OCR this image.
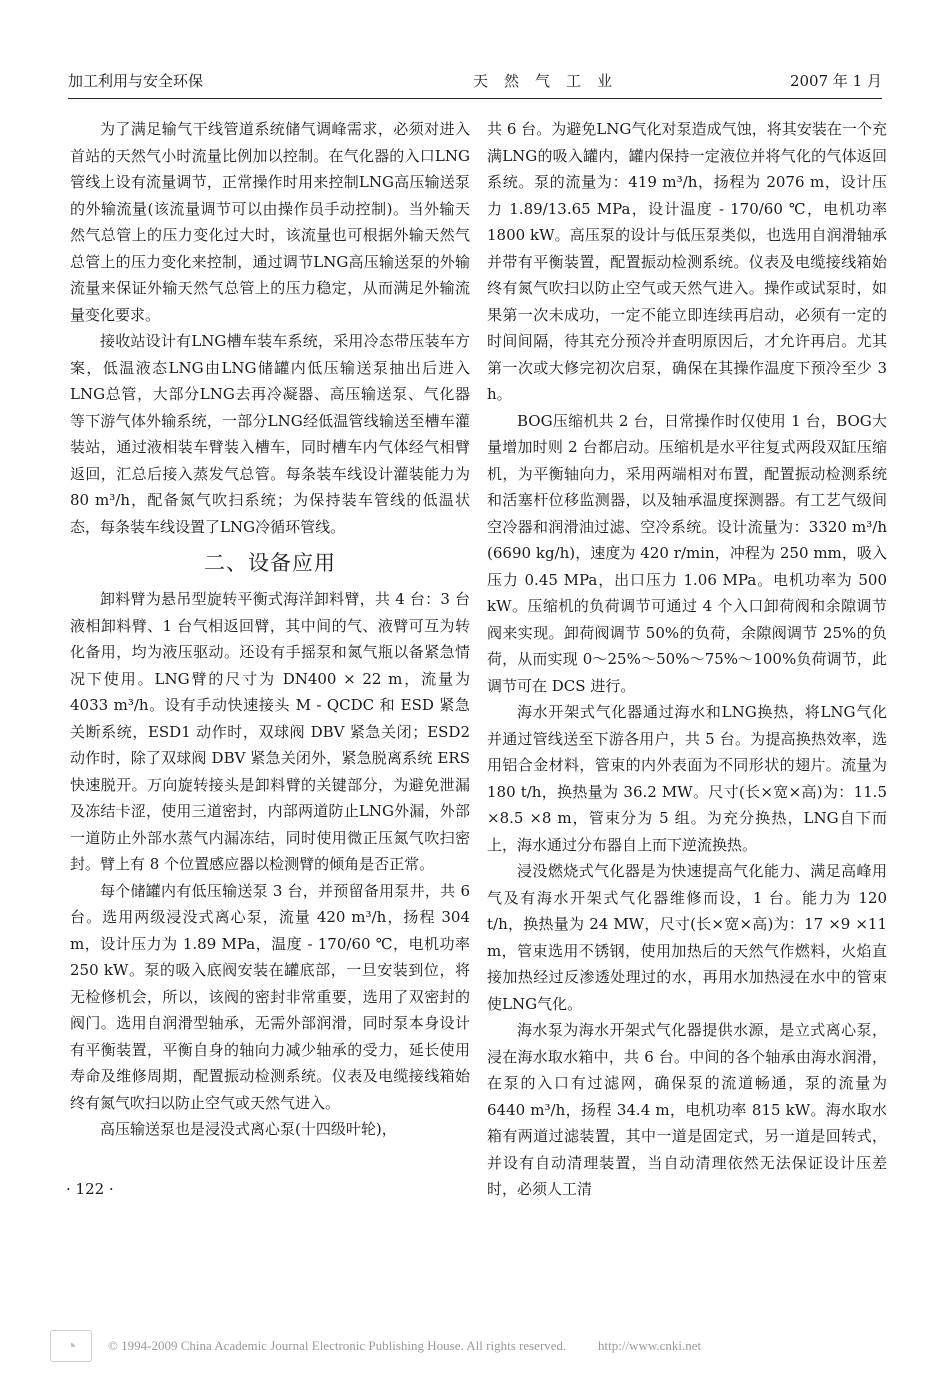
加工利用与安全环保	天然气工业	2007 年 1 月

为了满足输气干线管道系统储气调峰需求，必须对进入首站的天然气小时流量比例加以控制。在气化器的入口LNG管线上设有流量调节，正常操作时用来控制LNG高压输送泵的外输流量(该流量调节可以由操作员手动控制)。当外输天然气总管上的压力变化过大时，该流量也可根据外输天然气总管上的压力变化来控制，通过调节LNG高压输送泵的外输流量来保证外输天然气总管上的压力稳定，从而满足外输流量变化要求。

接收站设计有LNG槽车装车系统，采用冷态带压装车方案，低温液态LNG由LNG储罐内低压输送泵抽出后进入LNG总管，大部分LNG去再冷凝器、高压输送泵、气化器等下游气体外输系统，一部分LNG经低温管线输送至槽车灌装站，通过液相装车臂装入槽车，同时槽车内气体经气相臂返回，汇总后接入蒸发气总管。每条装车线设计灌装能力为 80 m³/h，配备氮气吹扫系统；为保持装车管线的低温状态，每条装车线设置了LNG冷循环管线。

二、设备应用

卸料臂为悬吊型旋转平衡式海洋卸料臂，共 4 台：3 台液相卸料臂、1 台气相返回臂，其中间的气、液臂可互为转化备用，均为液压驱动。还设有手摇泵和氮气瓶以备紧急情况下使用。LNG臂的尺寸为 DN400 × 22 m，流量为 4033 m³/h。设有手动快速接头 M - QCDC 和 ESD 紧急关断系统，ESD1 动作时，双球阀 DBV 紧急关闭；ESD2 动作时，除了双球阀 DBV 紧急关闭外，紧急脱离系统 ERS 快速脱开。万向旋转接头是卸料臂的关键部分，为避免泄漏及冻结卡涩，使用三道密封，内部两道防止LNG外漏，外部一道防止外部水蒸气内漏冻结，同时使用微正压氮气吹扫密封。臂上有 8 个位置感应器以检测臂的倾角是否正常。

每个储罐内有低压输送泵 3 台，并预留备用泵井，共 6 台。选用两级浸没式离心泵，流量 420 m³/h，扬程 304 m，设计压力为 1.89 MPa，温度 - 170/60 ℃，电机功率 250 kW。泵的吸入底阀安装在罐底部，一旦安装到位，将无检修机会，所以，该阀的密封非常重要，选用了双密封的阀门。选用自润滑型轴承，无需外部润滑，同时泵本身设计有平衡装置，平衡自身的轴向力减少轴承的受力，延长使用寿命及维修周期，配置振动检测系统。仪表及电缆接线箱始终有氮气吹扫以防止空气或天然气进入。

高压输送泵也是浸没式离心泵(十四级叶轮)，

共 6 台。为避免LNG气化对泵造成气蚀，将其安装在一个充满LNG的吸入罐内，罐内保持一定液位并将气化的气体返回系统。泵的流量为：419 m³/h，扬程为 2076 m，设计压力 1.89/13.65 MPa，设计温度 - 170/60 ℃，电机功率 1800 kW。高压泵的设计与低压泵类似，也选用自润滑轴承并带有平衡装置，配置振动检测系统。仪表及电缆接线箱始终有氮气吹扫以防止空气或天然气进入。操作或试泵时，如果第一次未成功，一定不能立即连续再启动，必须有一定的时间间隔，待其充分预冷并查明原因后，才允许再启。尤其第一次或大修完初次启泵，确保在其操作温度下预冷至少 3 h。

BOG压缩机共 2 台，日常操作时仅使用 1 台，BOG大量增加时则 2 台都启动。压缩机是水平往复式两段双缸压缩机，为平衡轴向力，采用两端相对布置，配置振动检测系统和活塞杆位移监测器，以及轴承温度探测器。有工艺气级间空冷器和润滑油过滤、空冷系统。设计流量为：3320 m³/h (6690 kg/h)，速度为 420 r/min，冲程为 250 mm，吸入压力 0.45 MPa，出口压力 1.06 MPa。电机功率为 500 kW。压缩机的负荷调节可通过 4 个入口卸荷阀和余隙调节阀来实现。卸荷阀调节 50%的负荷，余隙阀调节 25%的负荷，从而实现 0～25%～50%～75%～100%负荷调节，此调节可在 DCS 进行。

海水开架式气化器通过海水和LNG换热，将LNG气化并通过管线送至下游各用户，共 5 台。为提高换热效率，选用铝合金材料，管束的内外表面为不同形状的翅片。流量为 180 t/h，换热量为 36.2 MW。尺寸(长×宽×高)为：11.5 ×8.5 ×8 m，管束分为 5 组。为充分换热，LNG自下而上，海水通过分布器自上而下逆流换热。

浸没燃烧式气化器是为快速提高气化能力、满足高峰用气及有海水开架式气化器维修而设，1 台。能力为 120 t/h，换热量为 24 MW，尺寸(长×宽×高)为：17 ×9 ×11 m，管束选用不锈钢，使用加热后的天然气作燃料，火焰直接加热经过反渗透处理过的水，再用水加热浸在水中的管束使LNG气化。

海水泵为海水开架式气化器提供水源，是立式离心泵，浸在海水取水箱中，共 6 台。中间的各个轴承由海水润滑，在泵的入口有过滤网，确保泵的流道畅通，泵的流量为 6440 m³/h，扬程 34.4 m，电机功率 815 kW。海水取水箱有两道过滤装置，其中一道是固定式，另一道是回转式，并设有自动清理装置，当自动清理依然无法保证设计压差时，必须人工清

· 122 ·
◔	© 1994-2009 China Academic Journal Electronic Publishing House. All rights reserved. http://www.cnki.net
